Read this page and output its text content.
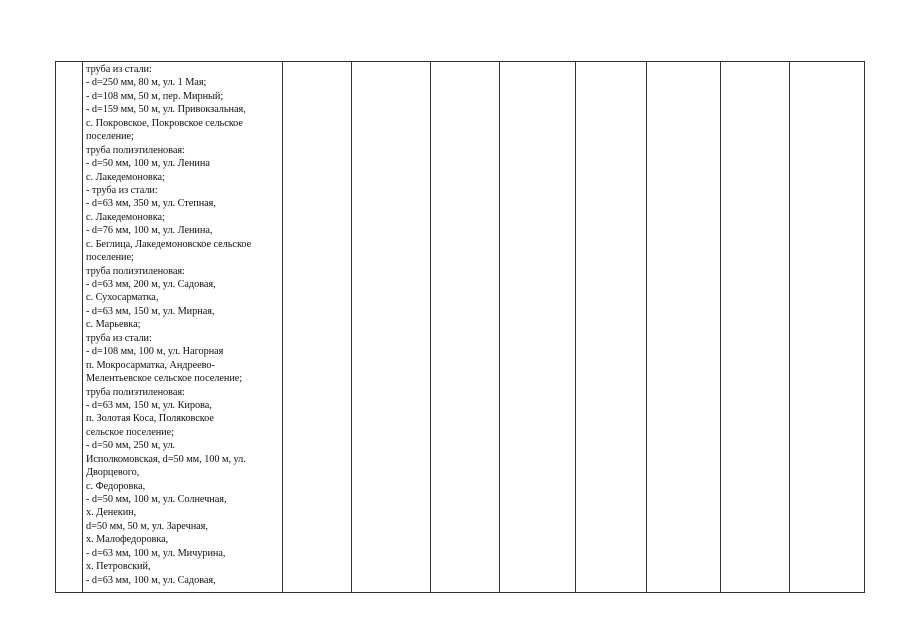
труба из стали:
- d=250 мм, 80 м, ул. 1 Мая;
- d=108 мм, 50 м, пер. Мирный;
- d=159 мм, 50 м, ул. Привокзальная,
с. Покровское, Покровское сельское
поселение;
труба полиэтиленовая:
- d=50 мм, 100 м, ул. Ленина
с. Лакедемоновка;
- труба из стали:
- d=63 мм, 350 м, ул. Степная,
с. Лакедемоновка;
- d=76 мм, 100 м, ул. Ленина,
с. Беглица, Лакедемоновское сельское
поселение;
труба полиэтиленовая:
- d=63 мм, 200 м, ул. Садовая,
с. Сухосарматка,
- d=63 мм, 150 м, ул. Мирная,
с. Марьевка;
труба из стали:
- d=108 мм, 100 м, ул. Нагорная
п. Мокросарматка, Андреево-
Мелентьевское сельское поселение;
труба полиэтиленовая:
- d=63 мм, 150 м, ул. Кирова,
п. Золотая Коса, Поляковское
сельское поселение;
- d=50 мм, 250 м, ул.
Исполкомовская, d=50 мм, 100 м, ул.
Дворцевого,
с. Федоровка,
- d=50 мм, 100 м, ул. Солнечная,
х. Денекин,
d=50 мм, 50 м, ул. Заречная,
х. Малофедоровка,
- d=63 мм, 100 м, ул. Мичурина,
х. Петровский,
- d=63 мм, 100 м, ул. Садовая,
